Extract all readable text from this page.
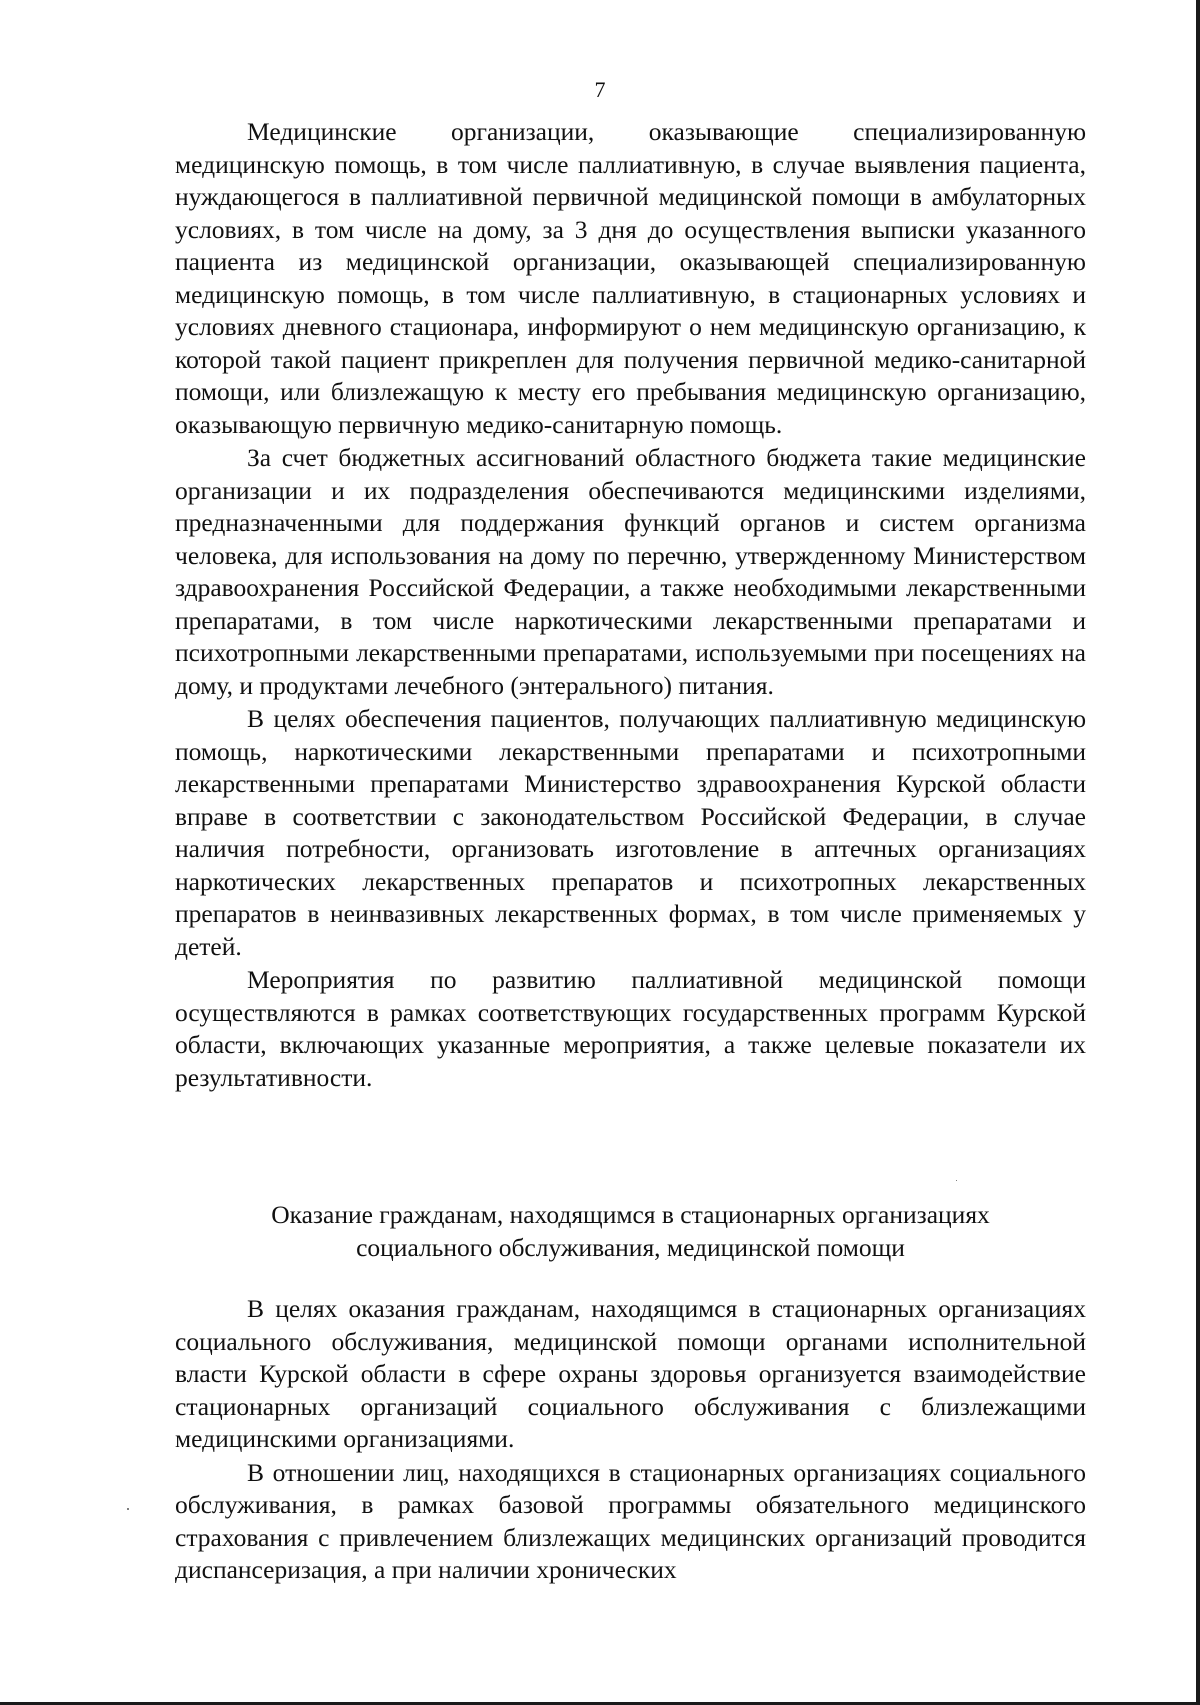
7

Медицинские организации, оказывающие специализированную медицинскую помощь, в том числе паллиативную, в случае выявления пациента, нуждающегося в паллиативной первичной медицинской помощи в амбулаторных условиях, в том числе на дому, за 3 дня до осуществления выписки указанного пациента из медицинской организации, оказывающей специализированную медицинскую помощь, в том числе паллиативную, в стационарных условиях и условиях дневного стационара, информируют о нем медицинскую организацию, к которой такой пациент прикреплен для получения первичной медико-санитарной помощи, или близлежащую к месту его пребывания медицинскую организацию, оказывающую первичную медико-санитарную помощь.

За счет бюджетных ассигнований областного бюджета такие медицинские организации и их подразделения обеспечиваются медицинскими изделиями, предназначенными для поддержания функций органов и систем организма человека, для использования на дому по перечню, утвержденному Министерством здравоохранения Российской Федерации, а также необходимыми лекарственными препаратами, в том числе наркотическими лекарственными препаратами и психотропными лекарственными препаратами, используемыми при посещениях на дому, и продуктами лечебного (энтерального) питания.

В целях обеспечения пациентов, получающих паллиативную медицинскую помощь, наркотическими лекарственными препаратами и психотропными лекарственными препаратами Министерство здравоохранения Курской области вправе в соответствии с законодательством Российской Федерации, в случае наличия потребности, организовать изготовление в аптечных организациях наркотических лекарственных препаратов и психотропных лекарственных препаратов в неинвазивных лекарственных формах, в том числе применяемых у детей.

Мероприятия по развитию паллиативной медицинской помощи осуществляются в рамках соответствующих государственных программ Курской области, включающих указанные мероприятия, а также целевые показатели их результативности.

Оказание гражданам, находящимся в стационарных организациях
социального обслуживания, медицинской помощи

В целях оказания гражданам, находящимся в стационарных организациях социального обслуживания, медицинской помощи органами исполнительной власти Курской области в сфере охраны здоровья организуется взаимодействие стационарных организаций социального обслуживания с близлежащими медицинскими организациями.

В отношении лиц, находящихся в стационарных организациях социального обслуживания, в рамках базовой программы обязательного медицинского страхования с привлечением близлежащих медицинских организаций проводится диспансеризация, а при наличии хронических
